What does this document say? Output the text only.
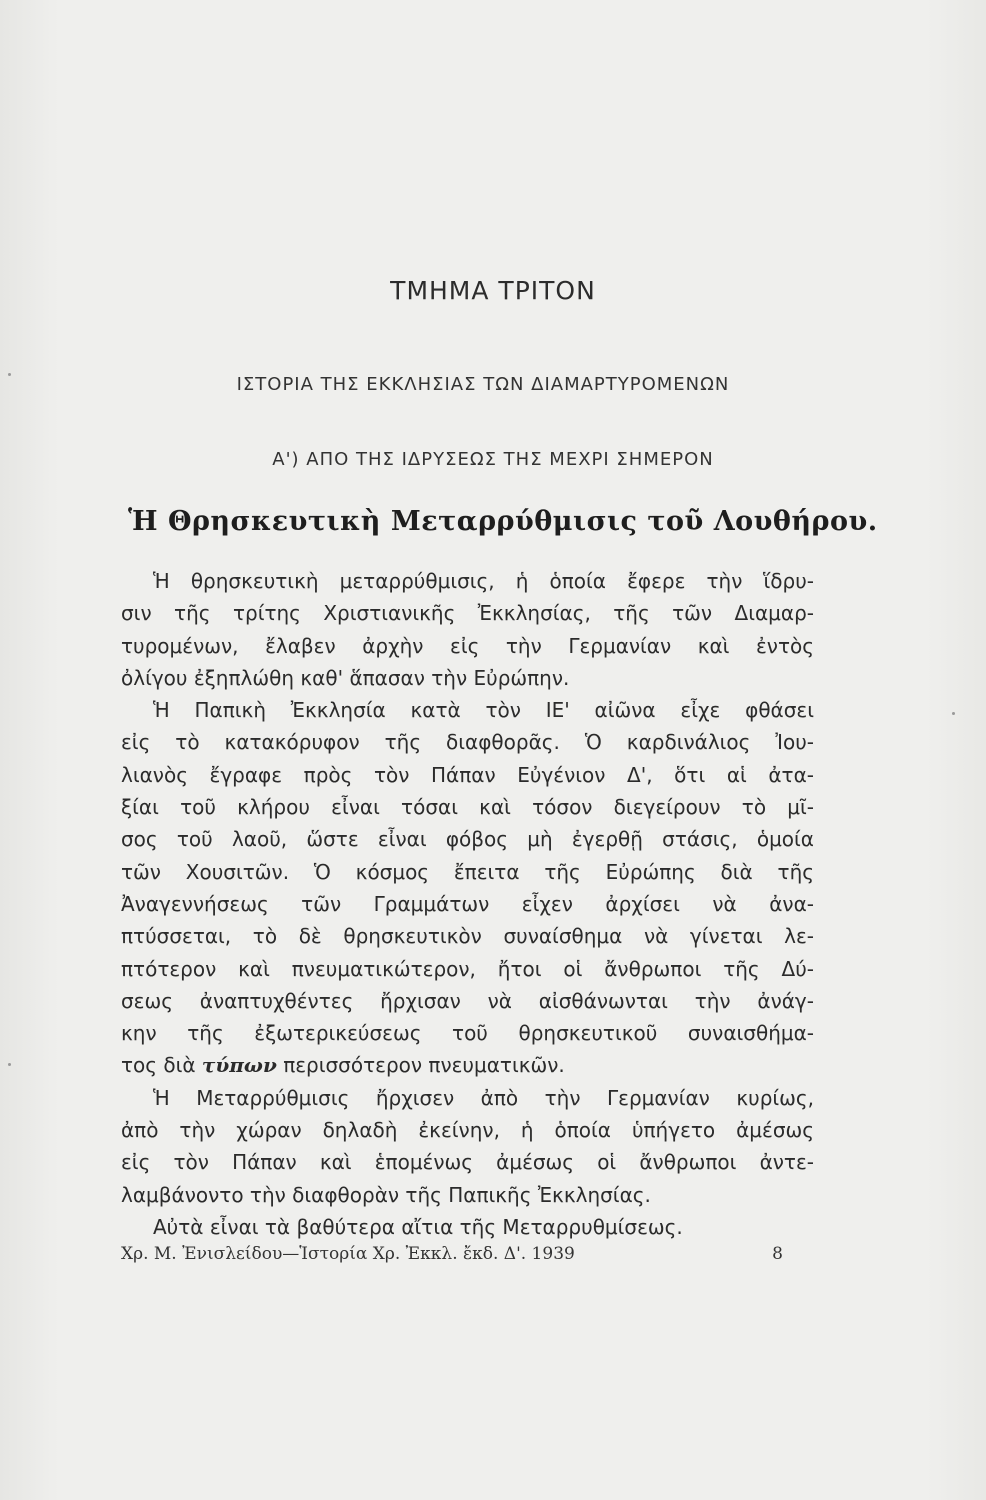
ΤΜΗΜΑ ΤΡΙΤΟΝ
ΙΣΤΟΡΙΑ ΤΗΣ ΕΚΚΛΗΣΙΑΣ ΤΩΝ ΔΙΑΜΑΡΤΥΡΟΜΕΝΩΝ
Α') ΑΠΟ ΤΗΣ ΙΔΡΥΣΕΩΣ ΤΗΣ ΜΕΧΡΙ ΣΗΜΕΡΟΝ
Ἡ Θρησκευτικὴ Μεταρρύθμισις τοῦ Λουθήρου.
Ἡ θρησκευτικὴ μεταρρύθμισις, ἡ ὁποία ἔφερε τὴν ἵδρυ-
σιν τῆς τρίτης Χριστιανικῆς Ἐκκλησίας, τῆς τῶν Διαμαρ-
τυρομένων, ἔλαβεν ἀρχὴν εἰς τὴν Γερμανίαν καὶ ἐντὸς
ὀλίγου ἐξηπλώθη καθ' ἅπασαν τὴν Εὐρώπην.
Ἡ Παπικὴ Ἐκκλησία κατὰ τὸν ΙΕ' αἰῶνα εἶχε φθάσει
εἰς τὸ κατακόρυφον τῆς διαφθορᾶς. Ὁ καρδινάλιος Ἰου-
λιανὸς ἔγραφε πρὸς τὸν Πάπαν Εὐγένιον Δ', ὅτι αἱ ἀτα-
ξίαι τοῦ κλήρου εἶναι τόσαι καὶ τόσον διεγείρουν τὸ μῖ-
σος τοῦ λαοῦ, ὥστε εἶναι φόβος μὴ ἐγερθῇ στάσις, ὁμοία
τῶν Χουσιτῶν. Ὁ κόσμος ἔπειτα τῆς Εὐρώπης διὰ τῆς
Ἀναγεννήσεως τῶν Γραμμάτων εἶχεν ἀρχίσει νὰ ἀνα-
πτύσσεται, τὸ δὲ θρησκευτικὸν συναίσθημα νὰ γίνεται λε-
πτότερον καὶ πνευματικώτερον, ἤτοι οἱ ἄνθρωποι τῆς Δύ-
σεως ἀναπτυχθέντες ἤρχισαν νὰ αἰσθάνωνται τὴν ἀνάγ-
κην τῆς ἐξωτερικεύσεως τοῦ θρησκευτικοῦ συναισθήμα-
τος διὰ τύπων περισσότερον πνευματικῶν.
Ἡ Μεταρρύθμισις ἤρχισεν ἀπὸ τὴν Γερμανίαν κυρίως,
ἀπὸ τὴν χώραν δηλαδὴ ἐκείνην, ἡ ὁποία ὑπήγετο ἀμέσως
εἰς τὸν Πάπαν καὶ ἑπομένως ἀμέσως οἱ ἄνθρωποι ἀντε-
λαμβάνοντο τὴν διαφθορὰν τῆς Παπικῆς Ἐκκλησίας.
Αὐτὰ εἶναι τὰ βαθύτερα αἴτια τῆς Μεταρρυθμίσεως.
Χρ. Μ. Ἐνισλείδου—Ἱστορία Χρ. Ἐκκλ. ἔκδ. Δ'. 1939	8
